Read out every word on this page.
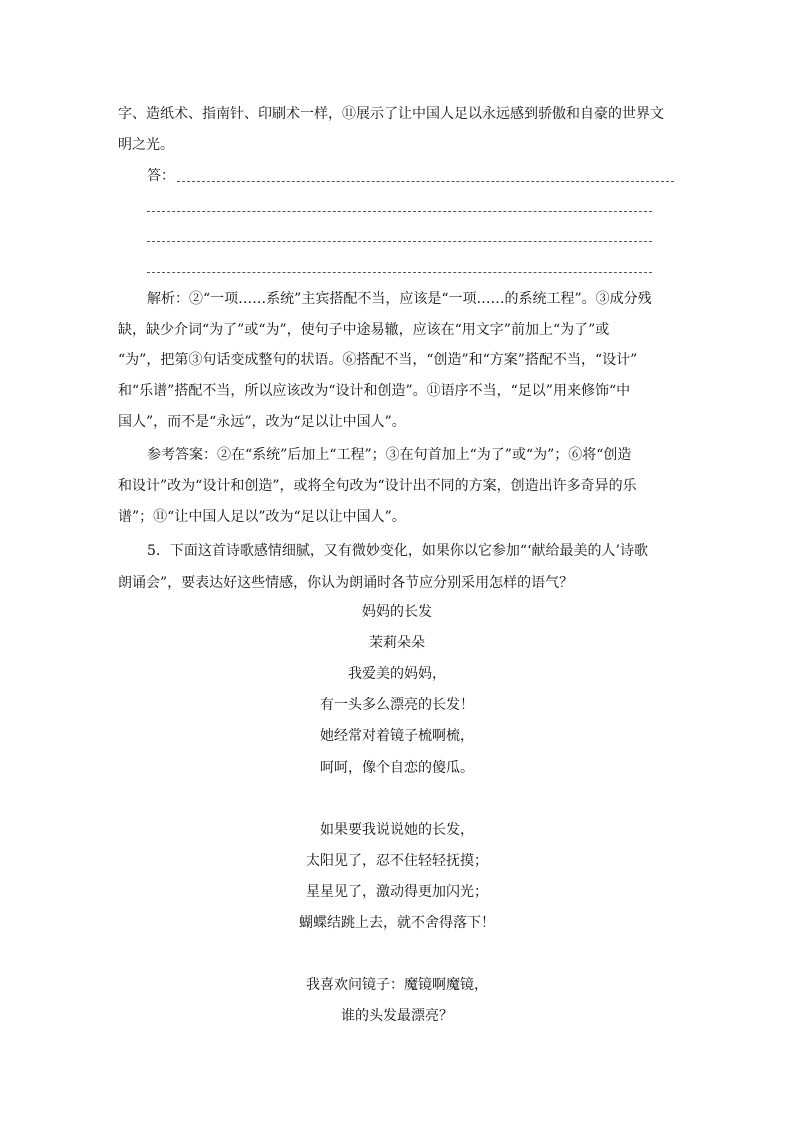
字、造纸术、指南针、印刷术一样，⑪展示了让中国人足以永远感到骄傲和自豪的世界文
明之光。
答：
解析：②“一项……系统”主宾搭配不当，应该是“一项……的系统工程”。③成分残
缺，缺少介词“为了”或“为”，使句子中途易辙，应该在“用文字”前加上“为了”或
“为”，把第③句话变成整句的状语。⑥搭配不当，“创造”和“方案”搭配不当，“设计”
和“乐谱”搭配不当，所以应该改为“设计和创造”。⑪语序不当，“足以”用来修饰“中
国人”，而不是“永远”，改为“足以让中国人”。
参考答案：②在“系统”后加上“工程”；③在句首加上“为了”或“为”；⑥将“创造
和设计”改为“设计和创造”，或将全句改为“设计出不同的方案，创造出许多奇异的乐
谱”；⑪“让中国人足以”改为“足以让中国人”。
5．下面这首诗歌感情细腻，又有微妙变化，如果你以它参加“‘献给最美的人’诗歌
朗诵会”，要表达好这些情感，你认为朗诵时各节应分别采用怎样的语气？
妈妈的长发
茉莉朵朵
我爱美的妈妈，
有一头多么漂亮的长发！
她经常对着镜子梳啊梳，
呵呵，像个自恋的傻瓜。
如果要我说说她的长发，
太阳见了，忍不住轻轻抚摸；
星星见了，激动得更加闪光；
蝴蝶结跳上去，就不舍得落下！
我喜欢问镜子：魔镜啊魔镜，
谁的头发最漂亮？
